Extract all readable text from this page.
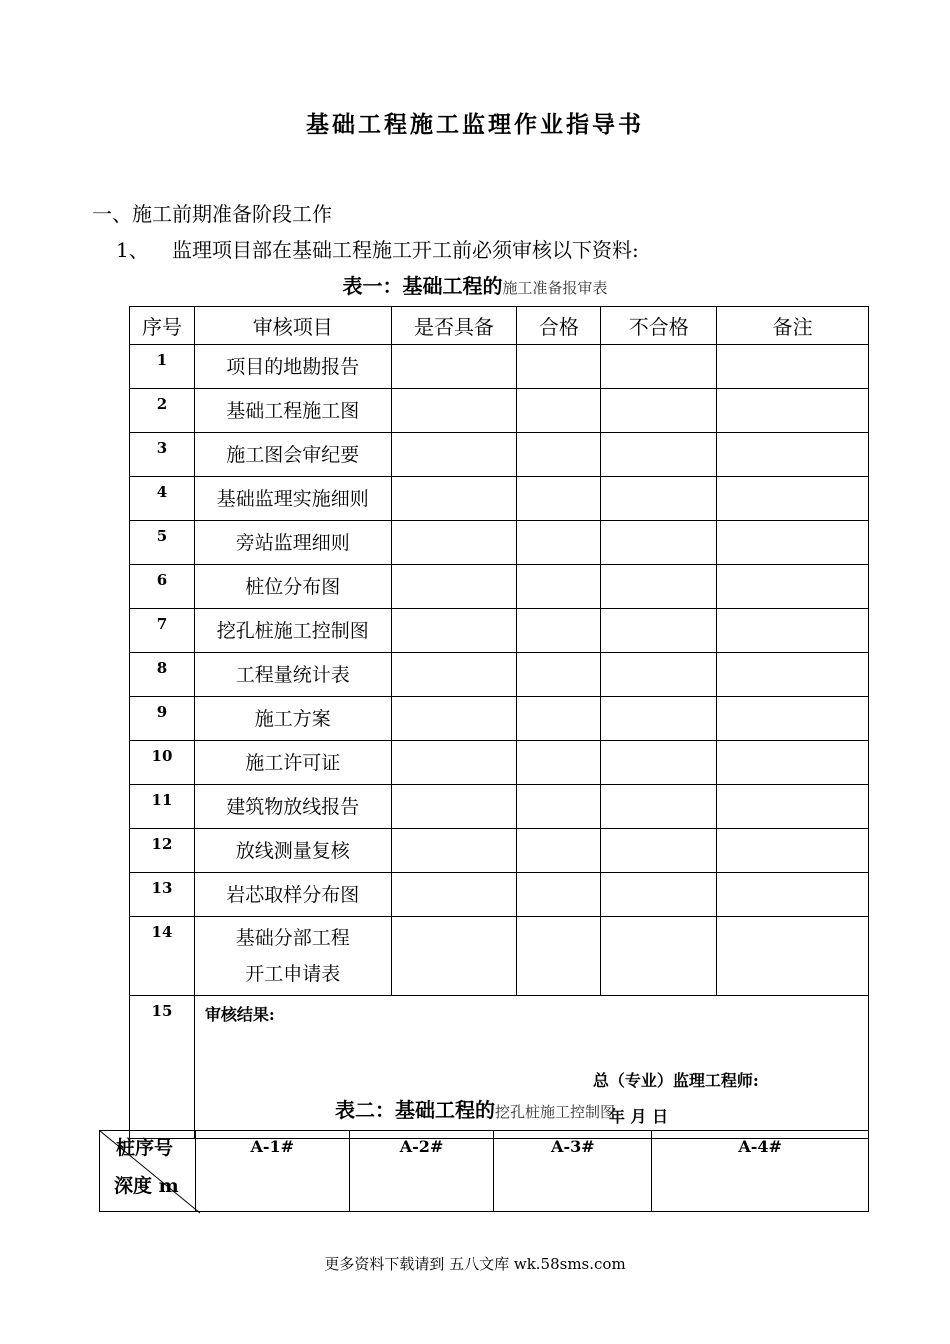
基础工程施工监理作业指导书
一、施工前期准备阶段工作
1、 监理项目部在基础工程施工开工前必须审核以下资料:
表一：基础工程的施工准备报审表
序号	审核项目	是否具备	合格	不合格	备注
1	项目的地勘报告				
2	基础工程施工图				
3	施工图会审纪要				
4	基础监理实施细则				
5	旁站监理细则				
6	桩位分布图				
7	挖孔桩施工控制图				
8	工程量统计表				
9	施工方案				
10	施工许可证				
11	建筑物放线报告				
12	放线测量复核				
13	岩芯取样分布图				
14	基础分部工程
开工申请表				

15	审核结果:
总（专业）监理工程师:
年 月 日				
表二：基础工程的挖孔桩施工控制图
桩序号
深度 m
	A-1#	A-2#	A-3#	A-4#
更多资料下载请到 五八文库 wk.58sms.com
